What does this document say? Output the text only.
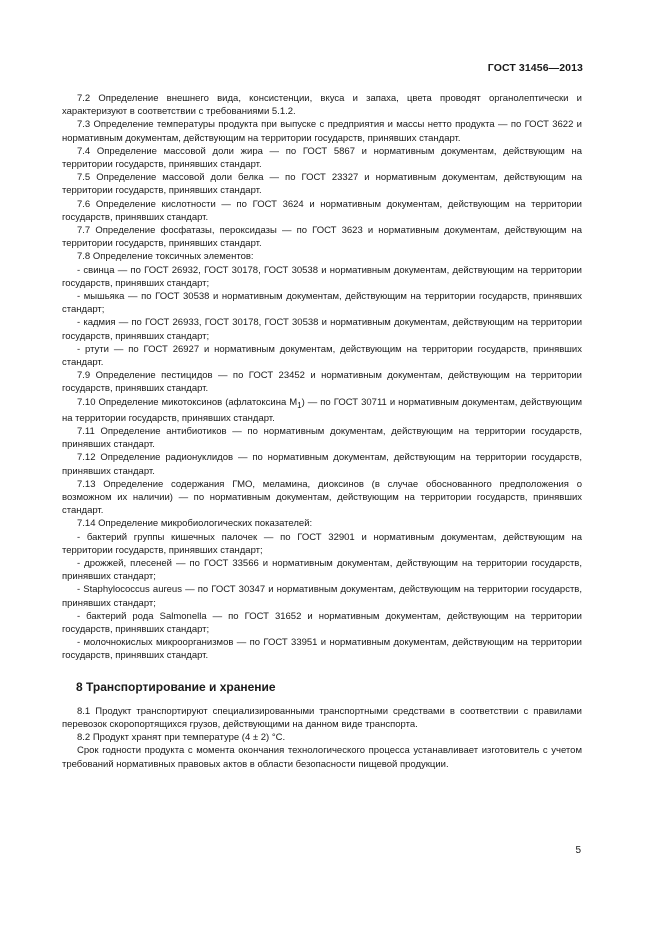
ГОСТ 31456—2013

7.2 Определение внешнего вида, консистенции, вкуса и запаха, цвета проводят органолептически и характеризуют в соответствии с требованиями 5.1.2.

7.3 Определение температуры продукта при выпуске с предприятия и массы нетто продукта — по ГОСТ 3622 и нормативным документам, действующим на территории государств, принявших стандарт.

7.4 Определение массовой доли жира — по ГОСТ 5867 и нормативным документам, действующим на территории государств, принявших стандарт.

7.5 Определение массовой доли белка — по ГОСТ 23327 и нормативным документам, действующим на территории государств, принявших стандарт.

7.6 Определение кислотности — по ГОСТ 3624 и нормативным документам, действующим на территории государств, принявших стандарт.

7.7 Определение фосфатазы, пероксидазы — по ГОСТ 3623 и нормативным документам, действующим на территории государств, принявших стандарт.

7.8 Определение токсичных элементов:

- свинца — по ГОСТ 26932, ГОСТ 30178, ГОСТ 30538 и нормативным документам, действующим на территории государств, принявших стандарт;

- мышьяка — по ГОСТ 30538 и нормативным документам, действующим на территории государств, принявших стандарт;

- кадмия — по ГОСТ 26933, ГОСТ 30178, ГОСТ 30538 и нормативным документам, действующим на территории государств, принявших стандарт;

- ртути — по ГОСТ 26927 и нормативным документам, действующим на территории государств, принявших стандарт.

7.9 Определение пестицидов — по ГОСТ 23452 и нормативным документам, действующим на территории государств, принявших стандарт.

7.10 Определение микотоксинов (афлатоксина $M_1$) — по ГОСТ 30711 и нормативным документам, действующим на территории государств, принявших стандарт.

7.11 Определение антибиотиков — по нормативным документам, действующим на территории государств, принявших стандарт.

7.12 Определение радионуклидов — по нормативным документам, действующим на территории государств, принявших стандарт.

7.13 Определение содержания ГМО, меламина, диоксинов (в случае обоснованного предположения о возможном их наличии) — по нормативным документам, действующим на территории государств, принявших стандарт.

7.14 Определение микробиологических показателей:

- бактерий группы кишечных палочек — по ГОСТ 32901 и нормативным документам, действующим на территории государств, принявших стандарт;

- дрожжей, плесеней — по ГОСТ 33566 и нормативным документам, действующим на территории государств, принявших стандарт;

- Staphylococcus aureus — по ГОСТ 30347 и нормативным документам, действующим на территории государств, принявших стандарт;

- бактерий рода Salmonella — по ГОСТ 31652 и нормативным документам, действующим на территории государств, принявших стандарт;

- молочнокислых микроорганизмов — по ГОСТ 33951 и нормативным документам, действующим на территории государств, принявших стандарт.

8 Транспортирование и хранение

8.1 Продукт транспортируют специализированными транспортными средствами в соответствии с правилами перевозок скоропортящихся грузов, действующими на данном виде транспорта.

8.2 Продукт хранят при температуре (4 ± 2) °С.

Срок годности продукта с момента окончания технологического процесса устанавливает изготовитель с учетом требований нормативных правовых актов в области безопасности пищевой продукции.

5
